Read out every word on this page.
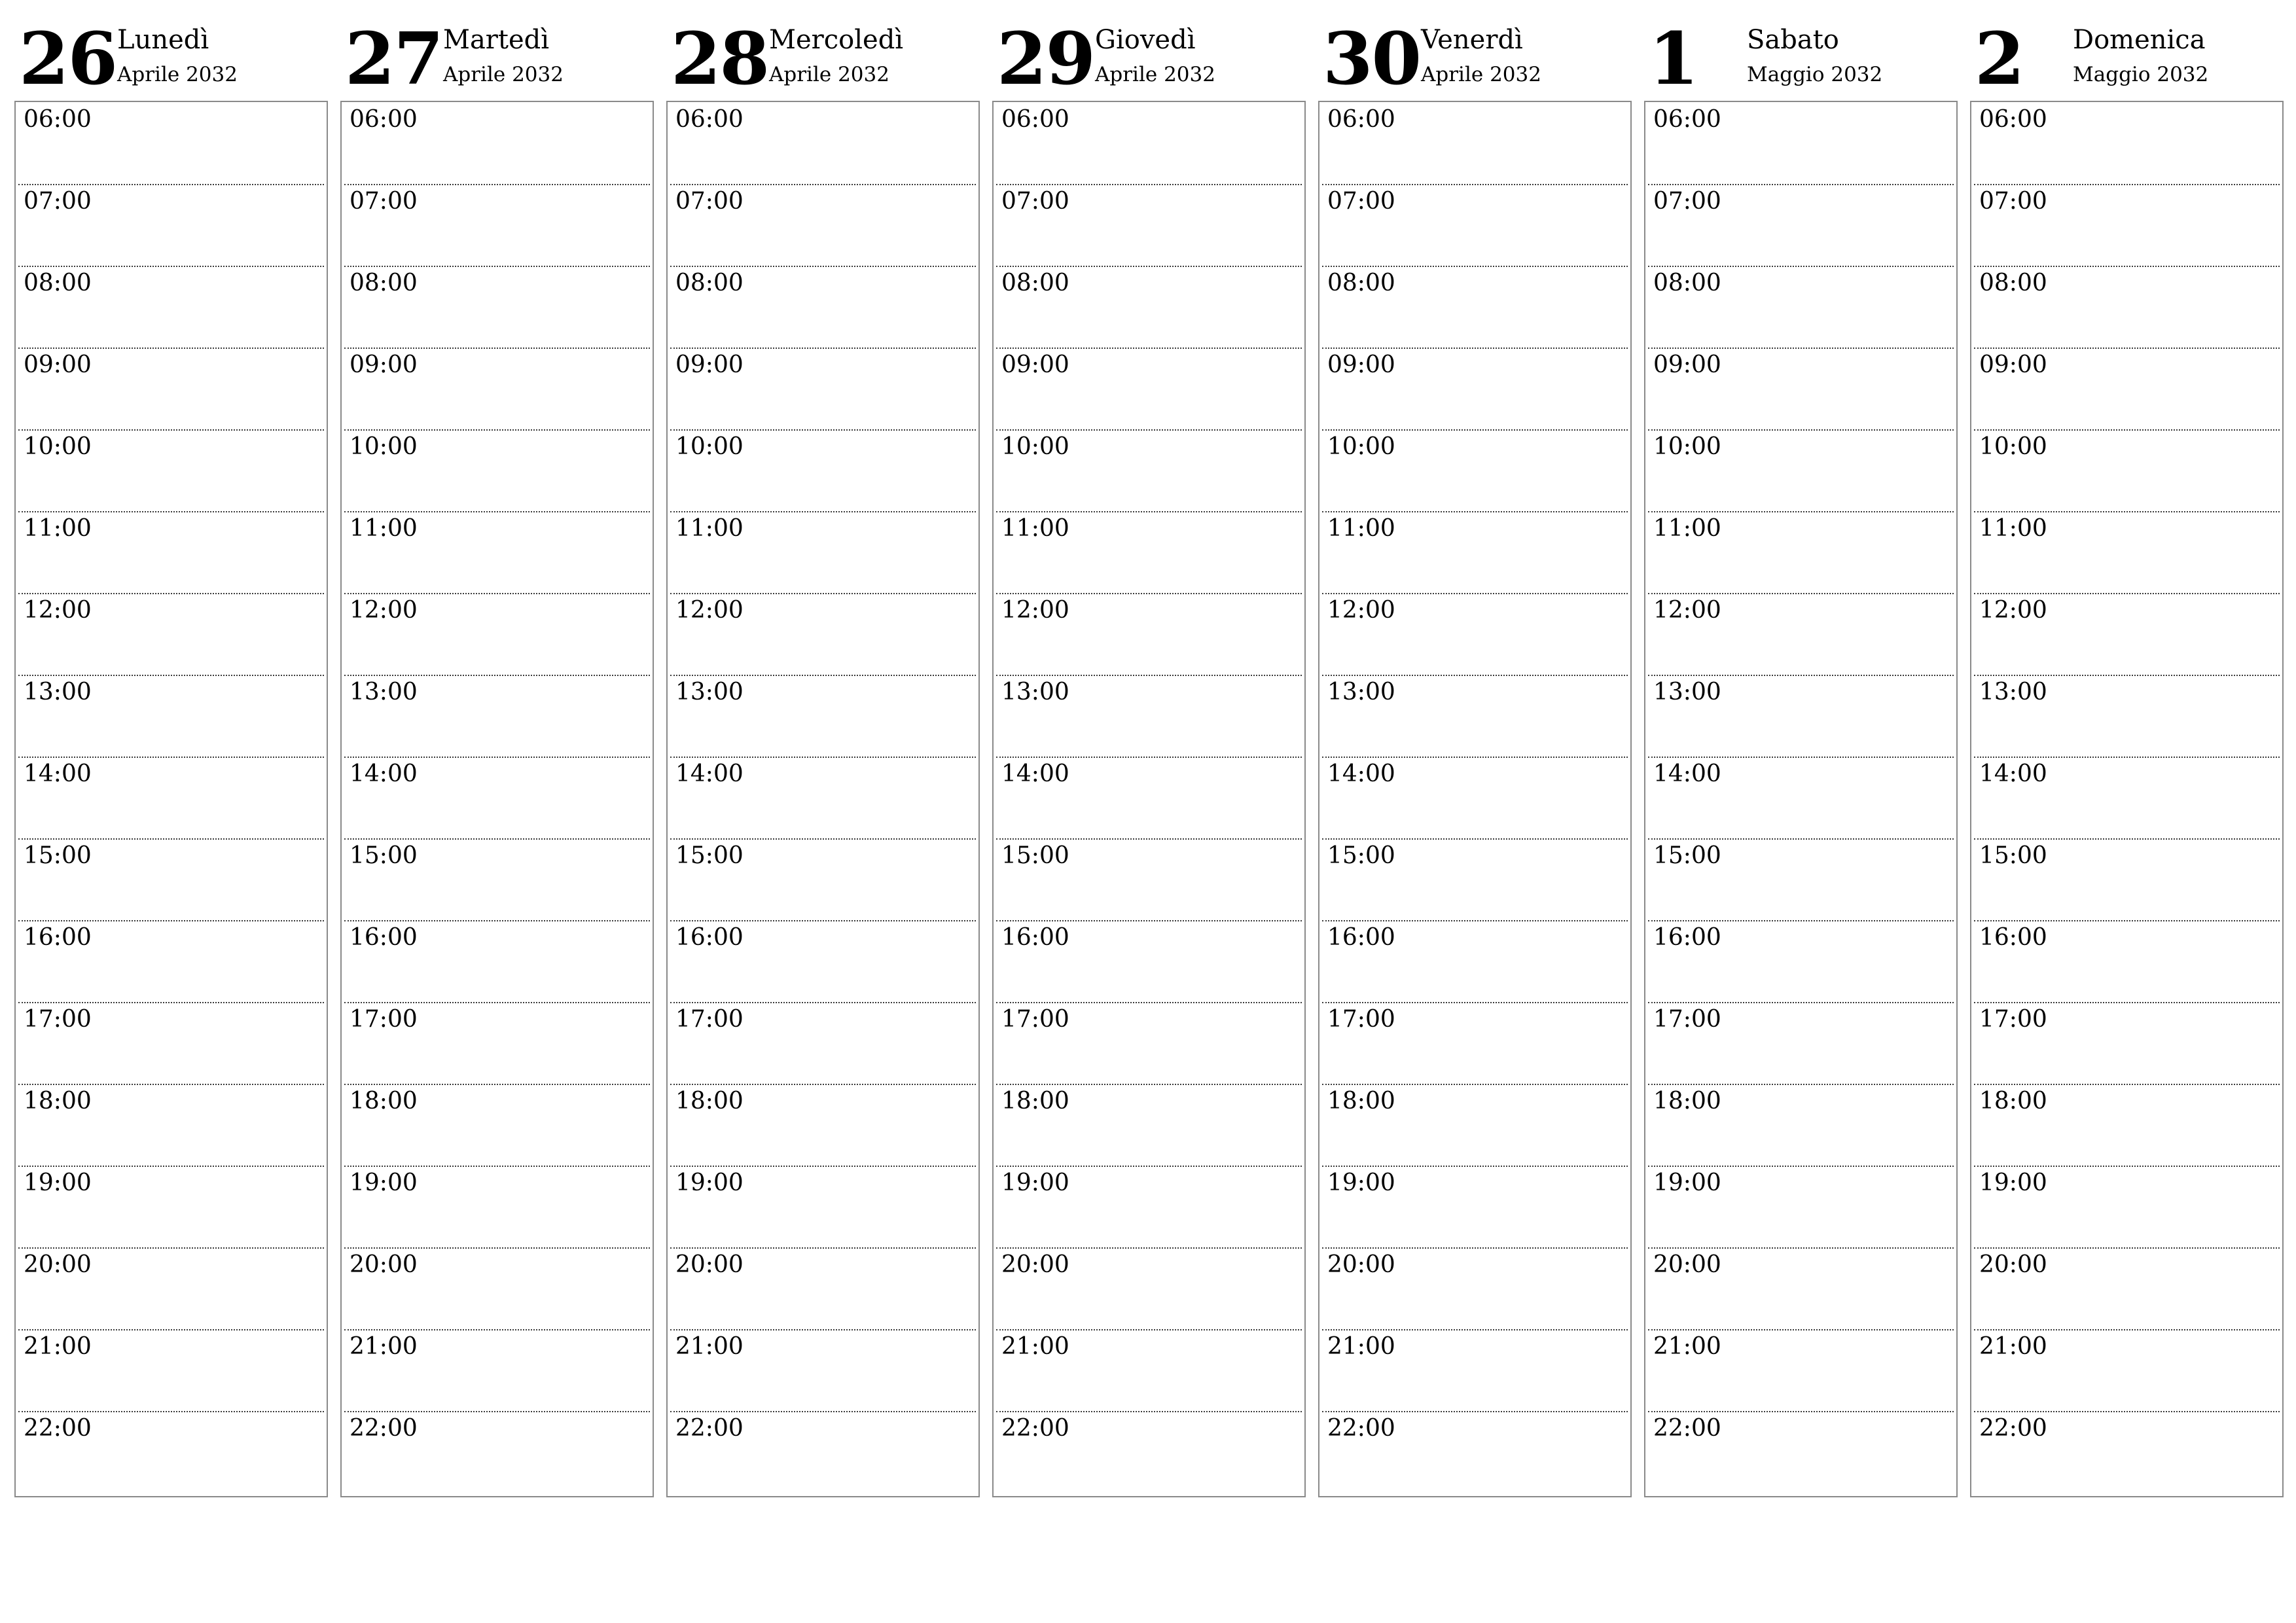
26 Lunedì
Aprile 2032
06:00
07:00
08:00
09:00
10:00
11:00
12:00
13:00
14:00
15:00
16:00
17:00
18:00
19:00
20:00
21:00
22:00
27 Martedì
Aprile 2032
06:00
07:00
08:00
09:00
10:00
11:00
12:00
13:00
14:00
15:00
16:00
17:00
18:00
19:00
20:00
21:00
22:00
28 Mercoledì
Aprile 2032
06:00
07:00
08:00
09:00
10:00
11:00
12:00
13:00
14:00
15:00
16:00
17:00
18:00
19:00
20:00
21:00
22:00
29 Giovedì
Aprile 2032
06:00
07:00
08:00
09:00
10:00
11:00
12:00
13:00
14:00
15:00
16:00
17:00
18:00
19:00
20:00
21:00
22:00
30 Venerdì
Aprile 2032
06:00
07:00
08:00
09:00
10:00
11:00
12:00
13:00
14:00
15:00
16:00
17:00
18:00
19:00
20:00
21:00
22:00
1 Sabato
Maggio 2032
06:00
07:00
08:00
09:00
10:00
11:00
12:00
13:00
14:00
15:00
16:00
17:00
18:00
19:00
20:00
21:00
22:00
2 Domenica
Maggio 2032
06:00
07:00
08:00
09:00
10:00
11:00
12:00
13:00
14:00
15:00
16:00
17:00
18:00
19:00
20:00
21:00
22:00
